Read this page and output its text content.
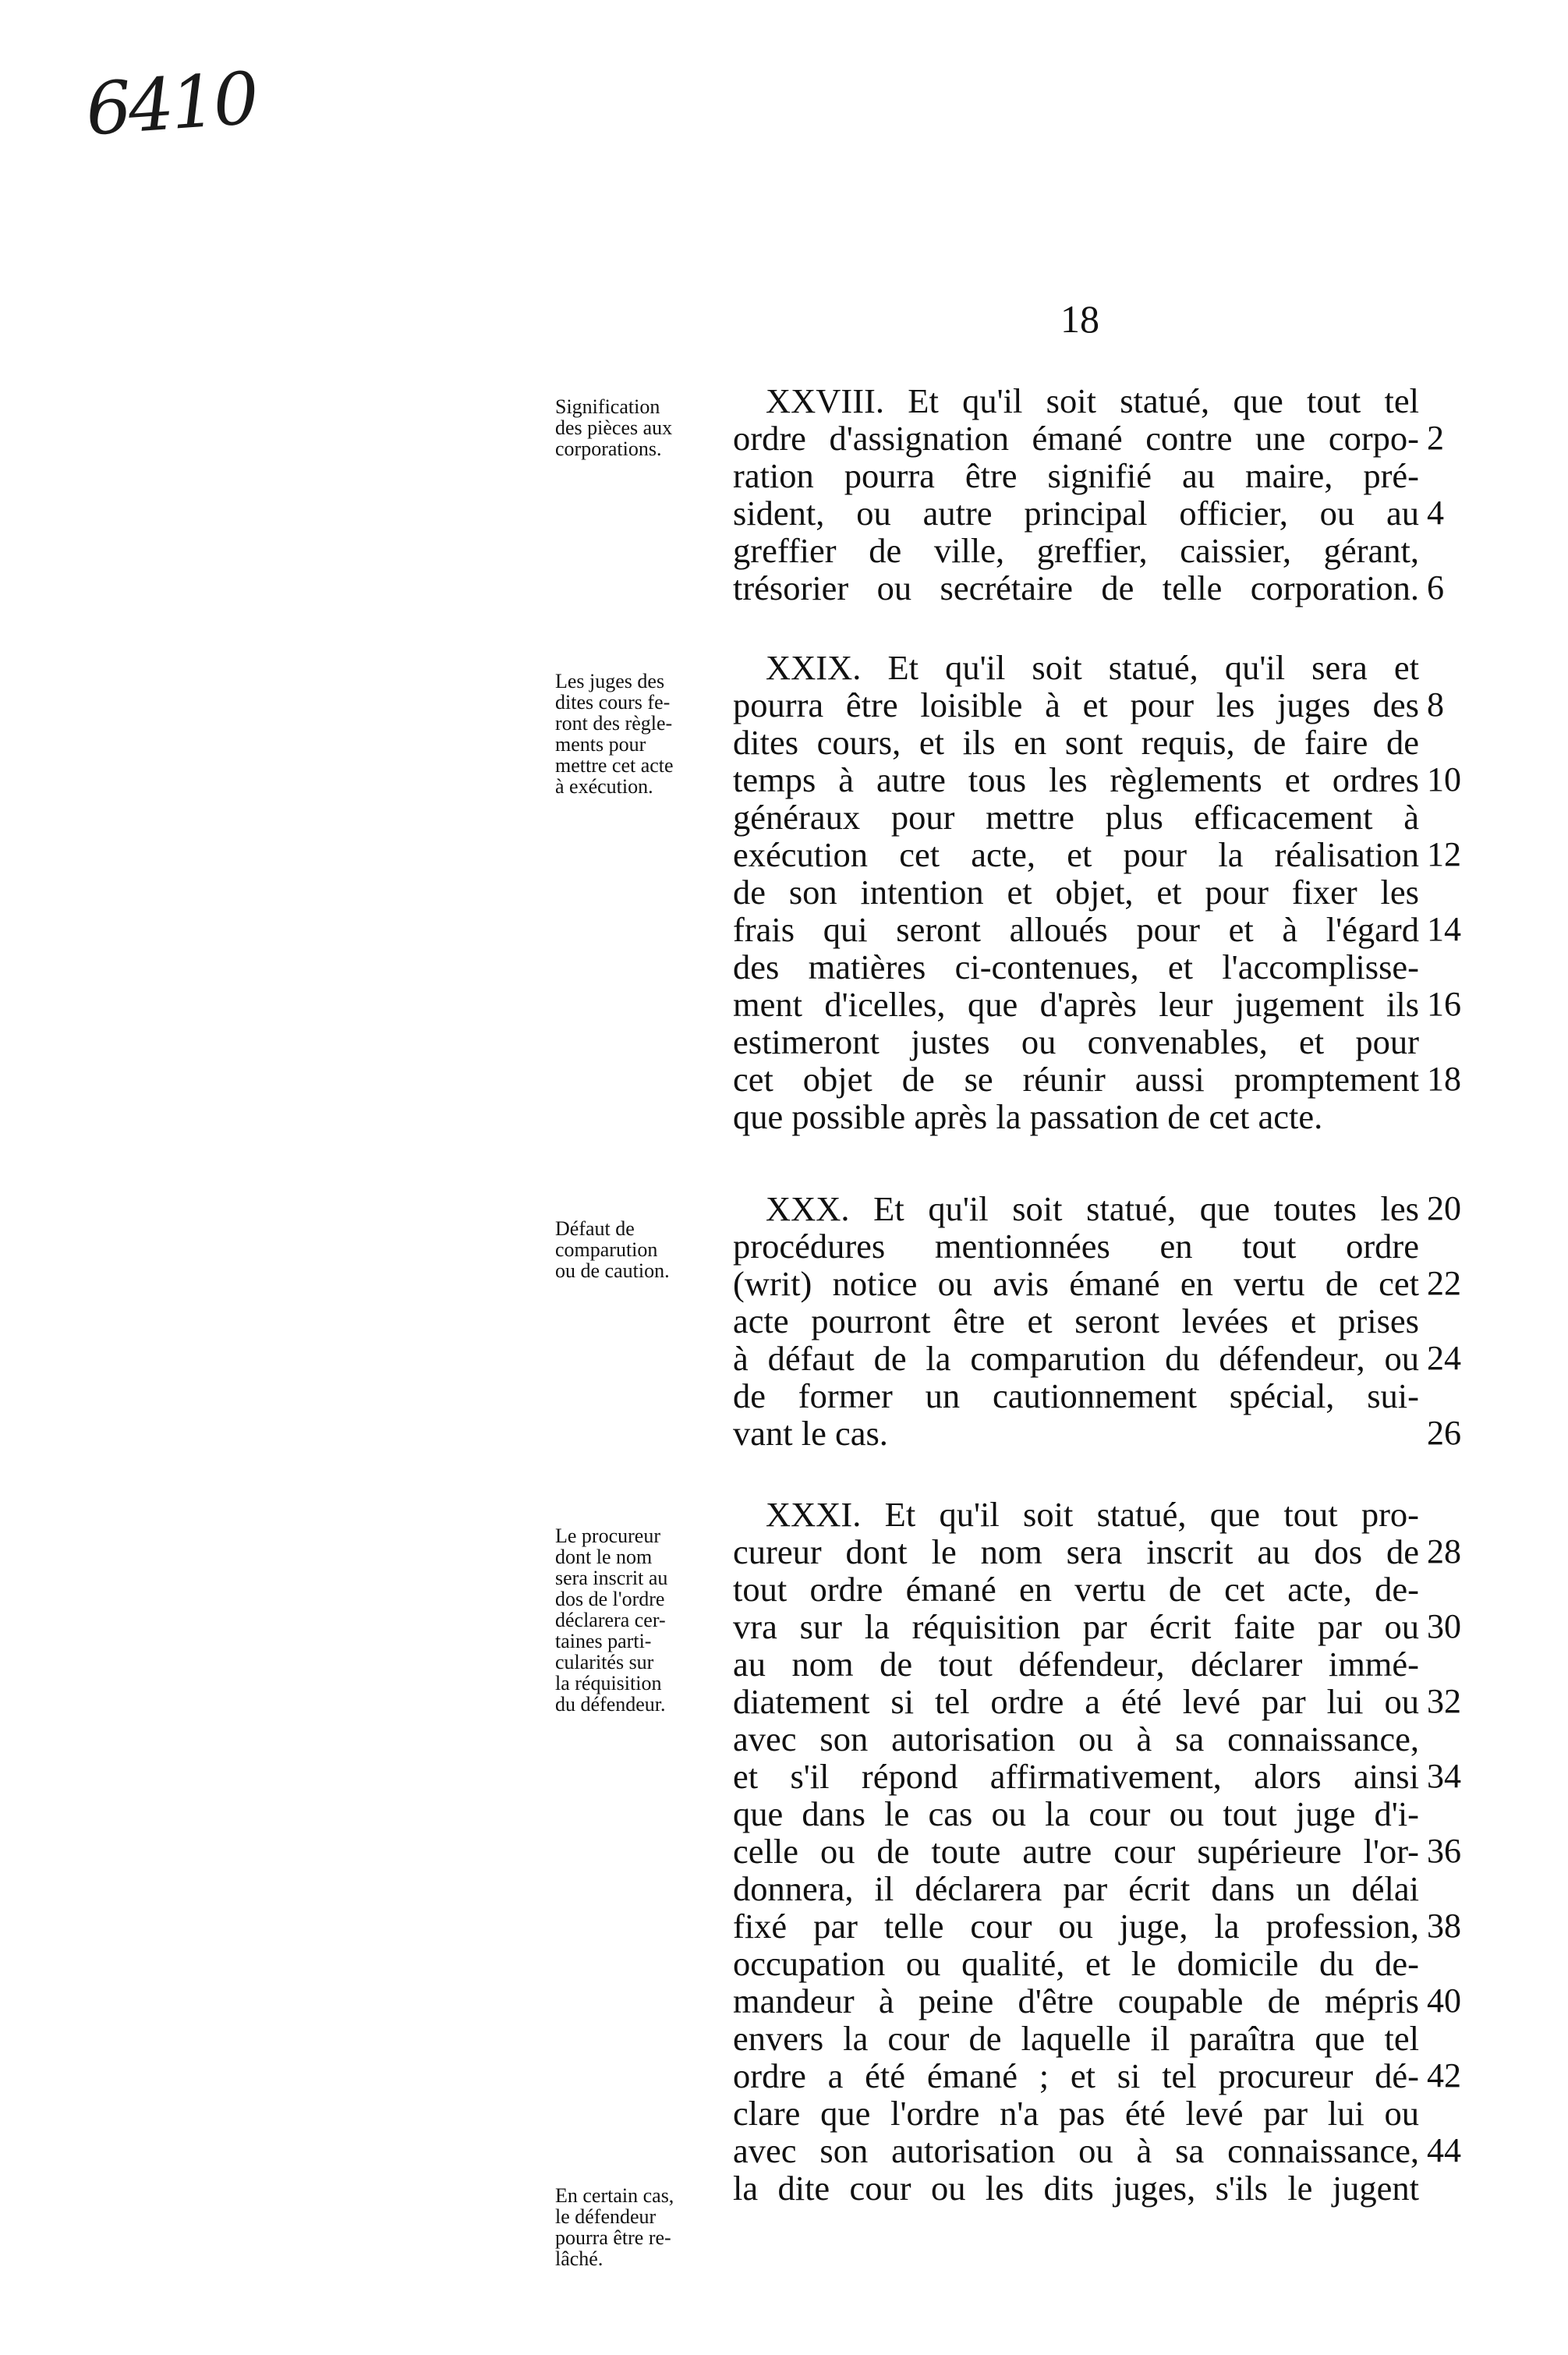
6410
18
Signification
des pièces aux
corporations.
Les juges des
dites cours fe-
ront des règle-
ments pour
mettre cet acte
à exécution.
Défaut de
comparution
ou de caution.
Le procureur
dont le nom
sera inscrit au
dos de l'ordre
déclarera cer-
taines parti-
cularités sur
la réquisition
du défendeur.
En certain cas,
le défendeur
pourra être re-
lâché.
XXVIII. Et qu'il soit statué, que tout tel
ordre d'assignation émané contre une corpo-
ration pourra être signifié au maire, pré-
sident, ou autre principal officier, ou au
greffier de ville, greffier, caissier, gérant,
trésorier ou secrétaire de telle corporation.
XXIX. Et qu'il soit statué, qu'il sera et
pourra être loisible à et pour les juges des
dites cours, et ils en sont requis, de faire de
temps à autre tous les règlements et ordres
généraux pour mettre plus efficacement à
exécution cet acte, et pour la réalisation
de son intention et objet, et pour fixer les
frais qui seront alloués pour et à l'égard
des matières ci-contenues, et l'accomplisse-
ment d'icelles, que d'après leur jugement ils
estimeront justes ou convenables, et pour
cet objet de se réunir aussi promptement
que possible après la passation de cet acte.
XXX. Et qu'il soit statué, que toutes les
procédures mentionnées en tout ordre
(writ) notice ou avis émané en vertu de cet
acte pourront être et seront levées et prises
à défaut de la comparution du défendeur, ou
de former un cautionnement spécial, sui-
vant le cas.
XXXI. Et qu'il soit statué, que tout pro-
cureur dont le nom sera inscrit au dos de
tout ordre émané en vertu de cet acte, de-
vra sur la réquisition par écrit faite par ou
au nom de tout défendeur, déclarer immé-
diatement si tel ordre a été levé par lui ou
avec son autorisation ou à sa connaissance,
et s'il répond affirmativement, alors ainsi
que dans le cas ou la cour ou tout juge d'i-
celle ou de toute autre cour supérieure l'or-
donnera, il déclarera par écrit dans un délai
fixé par telle cour ou juge, la profession,
occupation ou qualité, et le domicile du de-
mandeur à peine d'être coupable de mépris
envers la cour de laquelle il paraîtra que tel
ordre a été émané ; et si tel procureur dé-
clare que l'ordre n'a pas été levé par lui ou
avec son autorisation ou à sa connaissance,
la dite cour ou les dits juges, s'ils le jugent
2
4
6
8
10
12
14
16
18
20
22
24
26
28
30
32
34
36
38
40
42
44
